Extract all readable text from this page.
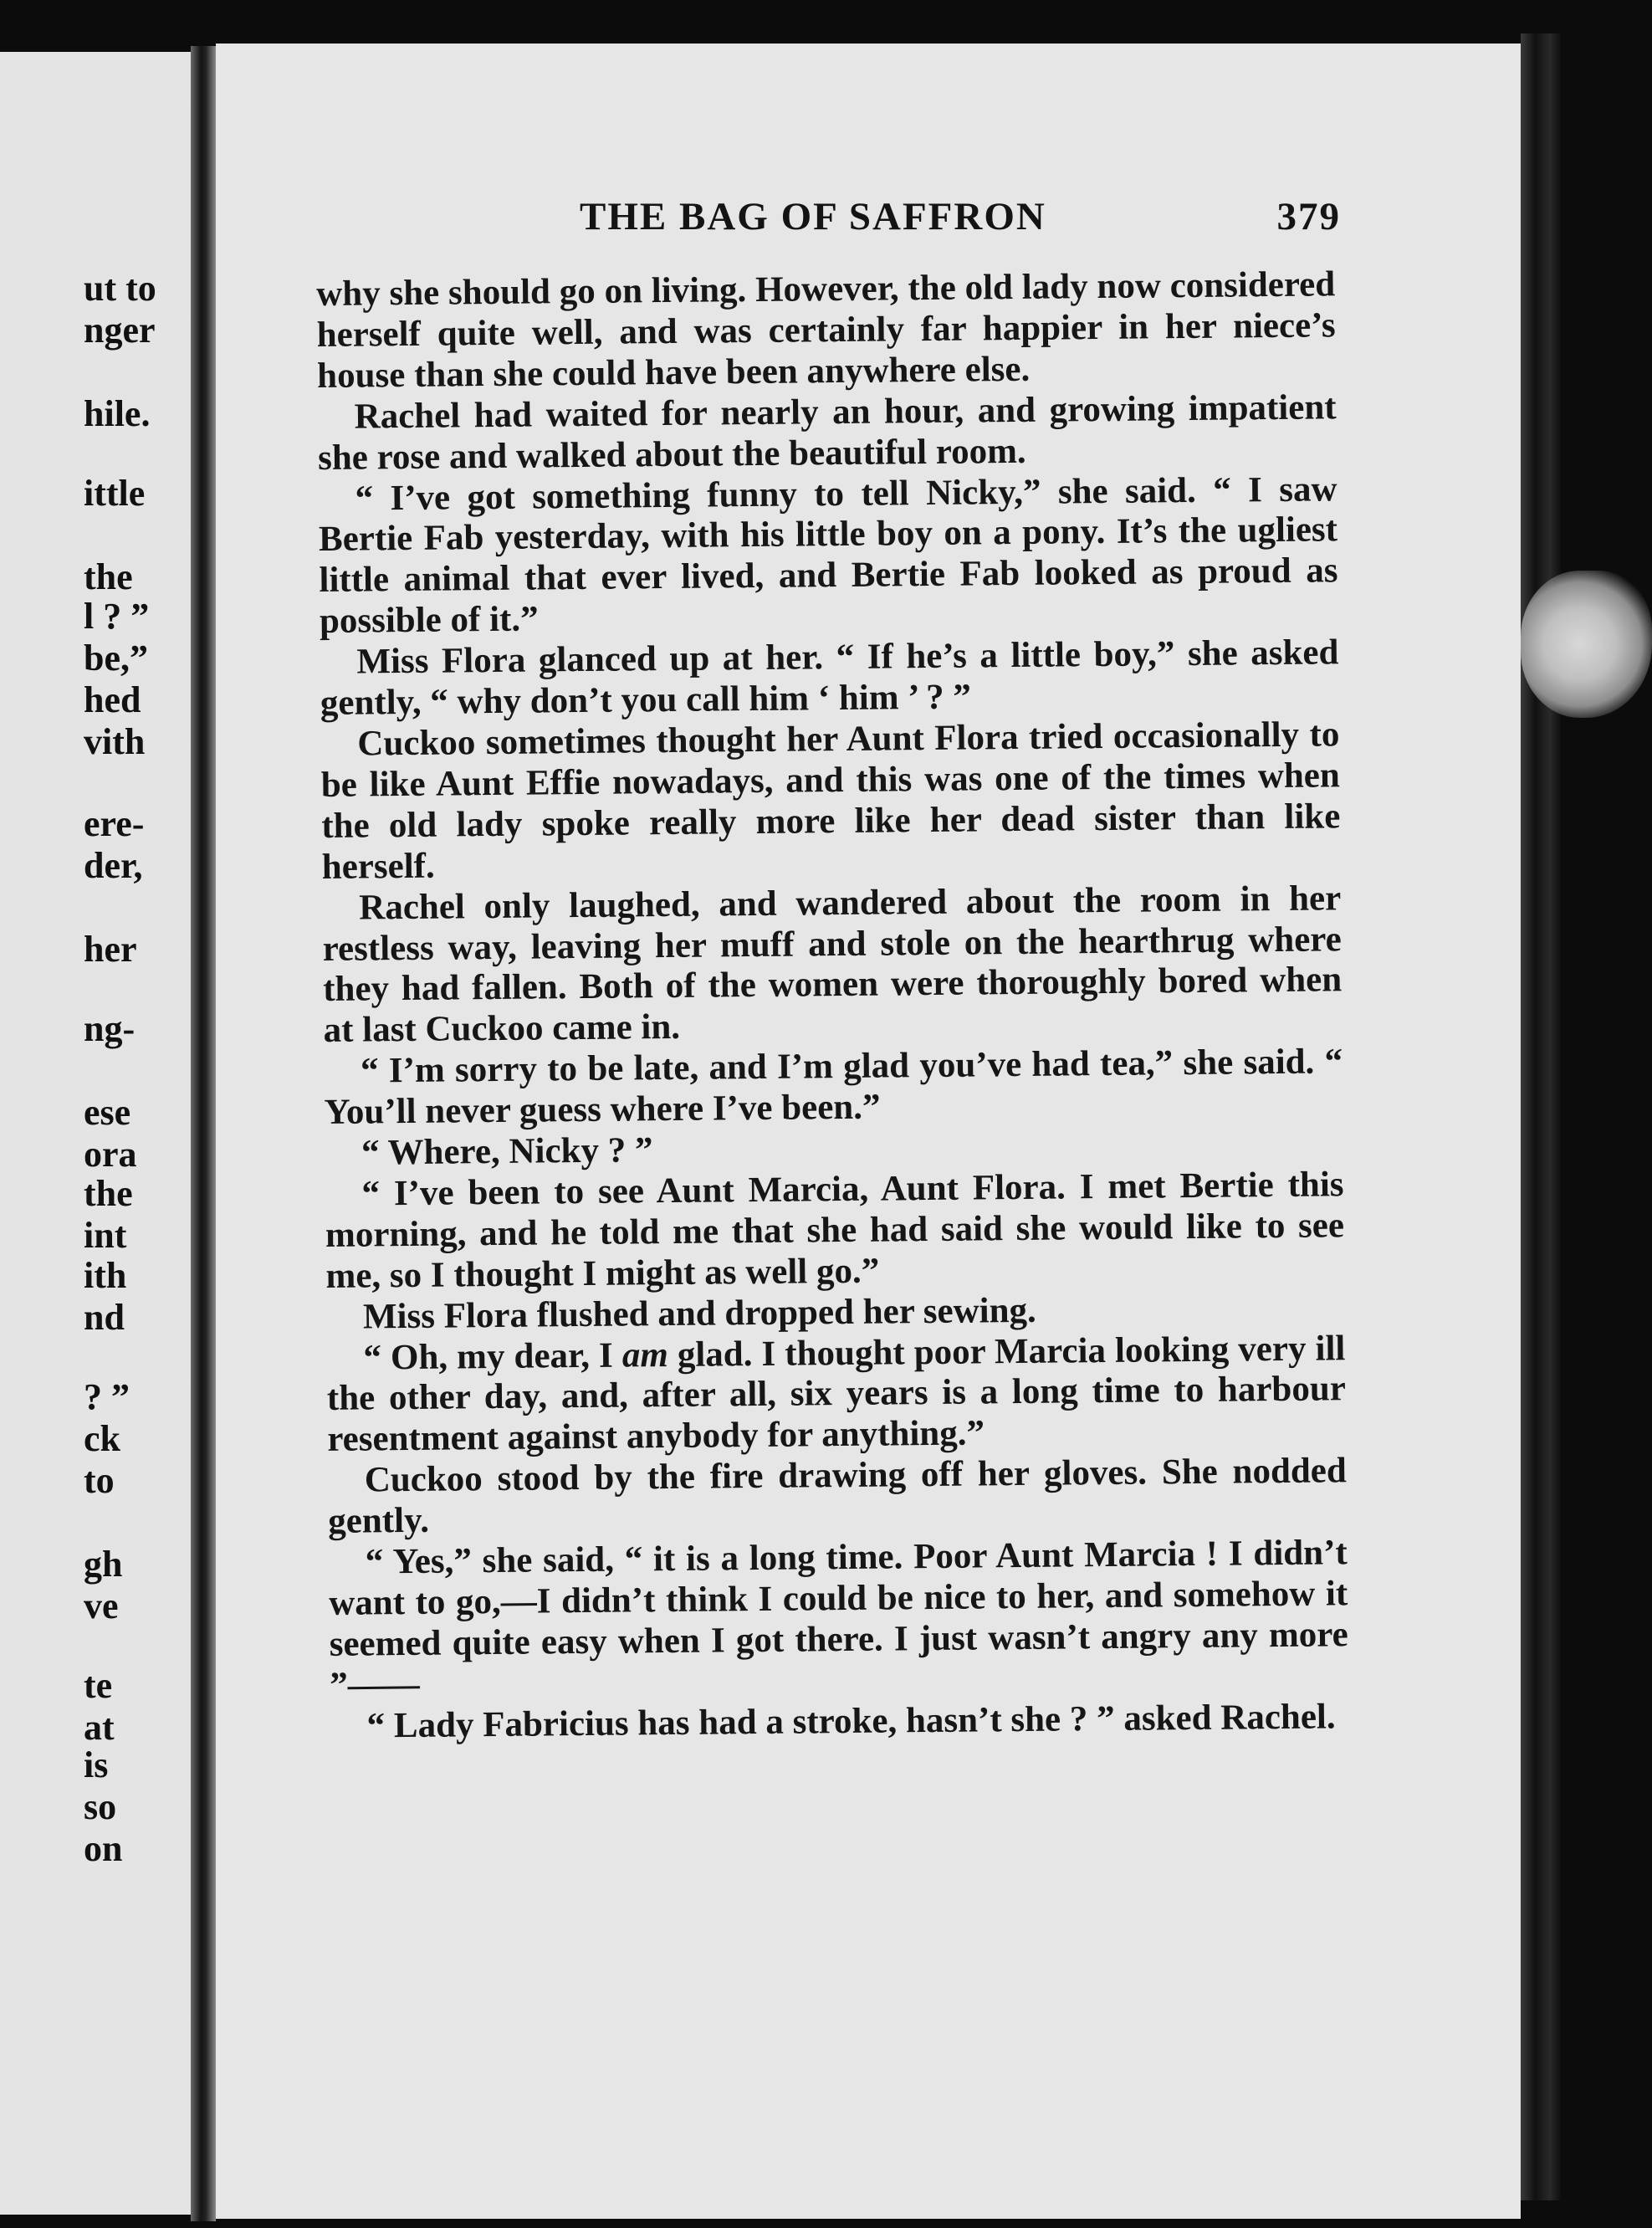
ut to
nger
hile.
ittle
the
l ? ”
be,”
hed
vith
ere-
der,
her
ng-
ese
ora
the
int
ith
nd
? ”
ck
to
gh
ve
te
at
is
so
on
THE BAG OF SAFFRON	379

why she should go on living. However, the old lady now considered herself quite well, and was certainly far happier in her niece’s house than she could have been anywhere else.

Rachel had waited for nearly an hour, and growing impatient she rose and walked about the beautiful room.

“ I’ve got something funny to tell Nicky,” she said. “ I saw Bertie Fab yesterday, with his little boy on a pony. It’s the ugliest little animal that ever lived, and Bertie Fab looked as proud as possible of it.”

Miss Flora glanced up at her. “ If he’s a little boy,” she asked gently, “ why don’t you call him ‘ him ’ ? ”

Cuckoo sometimes thought her Aunt Flora tried occasionally to be like Aunt Effie nowadays, and this was one of the times when the old lady spoke really more like her dead sister than like herself.

Rachel only laughed, and wandered about the room in her restless way, leaving her muff and stole on the hearthrug where they had fallen. Both of the women were thoroughly bored when at last Cuckoo came in.

“ I’m sorry to be late, and I’m glad you’ve had tea,” she said. “ You’ll never guess where I’ve been.”

“ Where, Nicky ? ”

“ I’ve been to see Aunt Marcia, Aunt Flora. I met Bertie this morning, and he told me that she had said she would like to see me, so I thought I might as well go.”

Miss Flora flushed and dropped her sewing.

“ Oh, my dear, I am glad. I thought poor Marcia looking very ill the other day, and, after all, six years is a long time to harbour resentment against anybody for anything.”

Cuckoo stood by the fire drawing off her gloves. She nodded gently.

“ Yes,” she said, “ it is a long time. Poor Aunt Marcia ! I didn’t want to go,—I didn’t think I could be nice to her, and somehow it seemed quite easy when I got there. I just wasn’t angry any more ”——

“ Lady Fabricius has had a stroke, hasn’t she ? ” asked Rachel.
